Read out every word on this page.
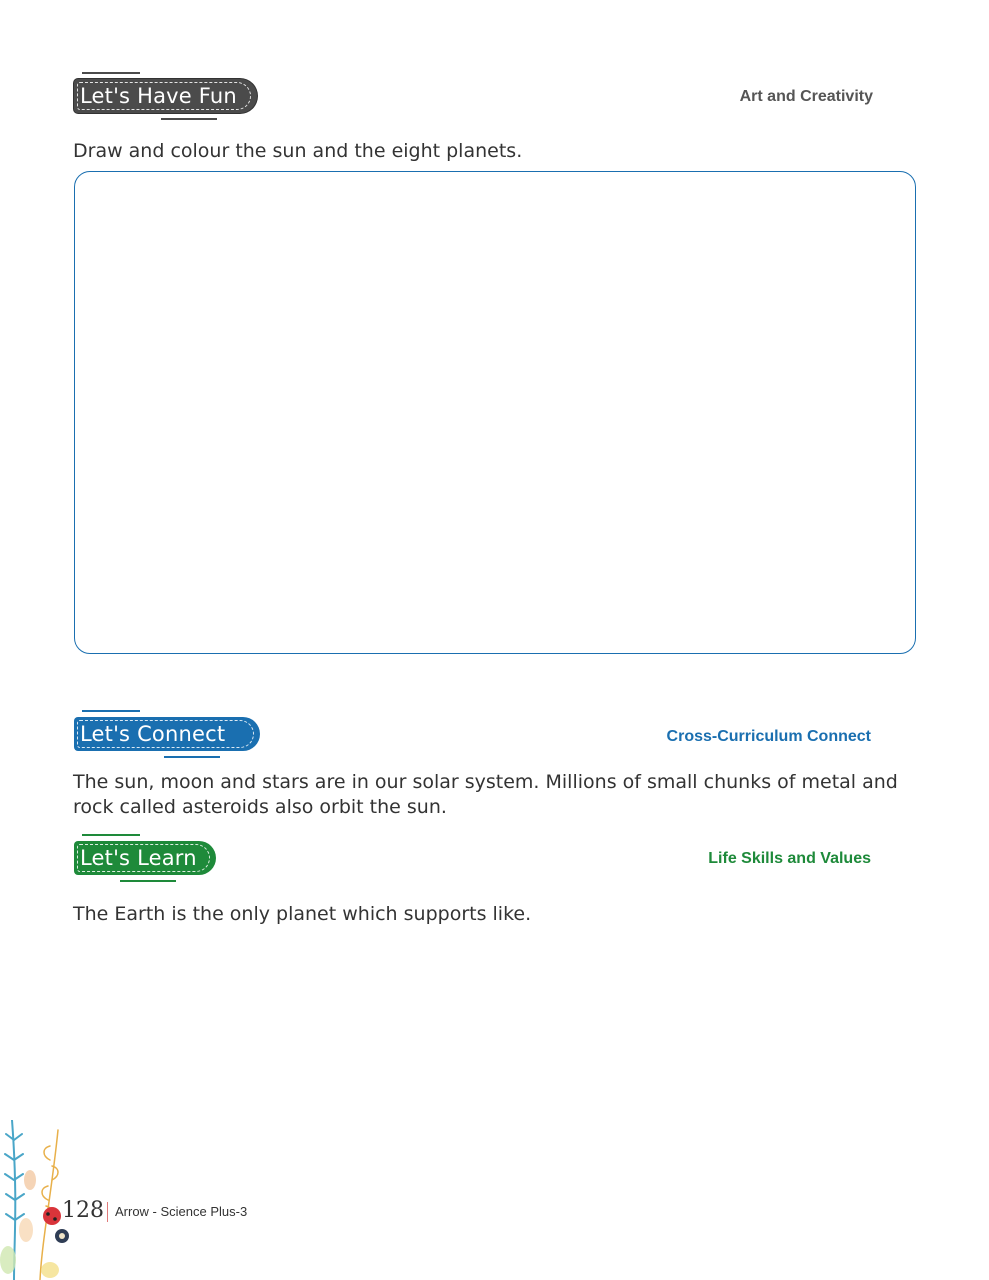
Let's Have Fun	Art and Creativity
Draw and colour the sun and the eight planets.
Let's Connect	Cross-Curriculum Connect
The sun, moon and stars are in our solar system. Millions of small chunks of metal and rock called asteroids also orbit the sun.
Let's Learn	Life Skills and Values
The Earth is the only planet which supports like.
128 Arrow - Science Plus-3
